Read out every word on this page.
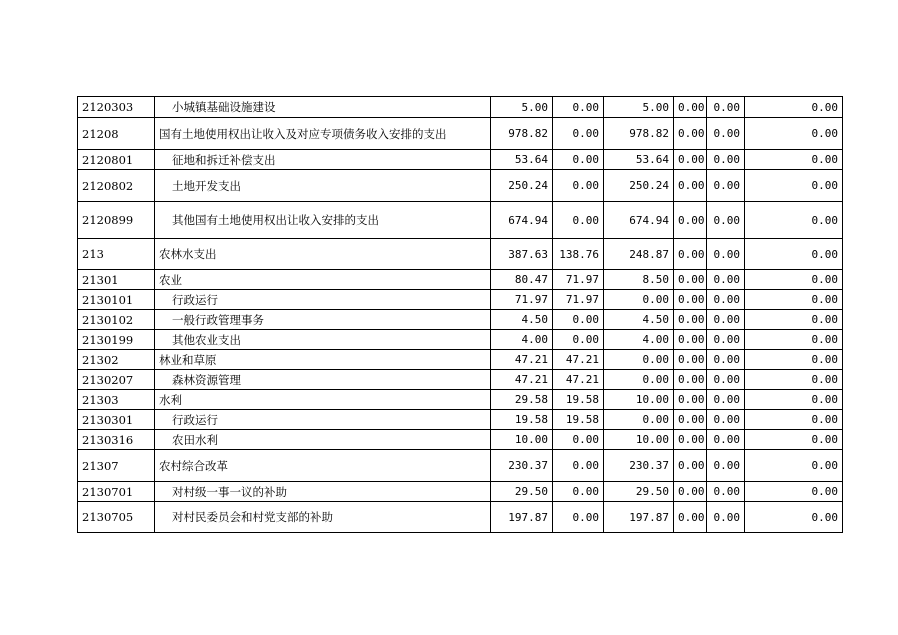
2120303	小城镇基础设施建设	5.00	0.00	5.00	0.00	0.00	0.00
21208	国有土地使用权出让收入及对应专项债务收入安排的支出	978.82	0.00	978.82	0.00	0.00	0.00
2120801	征地和拆迁补偿支出	53.64	0.00	53.64	0.00	0.00	0.00
2120802	土地开发支出	250.24	0.00	250.24	0.00	0.00	0.00
2120899	其他国有土地使用权出让收入安排的支出	674.94	0.00	674.94	0.00	0.00	0.00
213	农林水支出	387.63	138.76	248.87	0.00	0.00	0.00
21301	农业	80.47	71.97	8.50	0.00	0.00	0.00
2130101	行政运行	71.97	71.97	0.00	0.00	0.00	0.00
2130102	一般行政管理事务	4.50	0.00	4.50	0.00	0.00	0.00
2130199	其他农业支出	4.00	0.00	4.00	0.00	0.00	0.00
21302	林业和草原	47.21	47.21	0.00	0.00	0.00	0.00
2130207	森林资源管理	47.21	47.21	0.00	0.00	0.00	0.00
21303	水利	29.58	19.58	10.00	0.00	0.00	0.00
2130301	行政运行	19.58	19.58	0.00	0.00	0.00	0.00
2130316	农田水利	10.00	0.00	10.00	0.00	0.00	0.00
21307	农村综合改革	230.37	0.00	230.37	0.00	0.00	0.00
2130701	对村级一事一议的补助	29.50	0.00	29.50	0.00	0.00	0.00
2130705	对村民委员会和村党支部的补助	197.87	0.00	197.87	0.00	0.00	0.00
